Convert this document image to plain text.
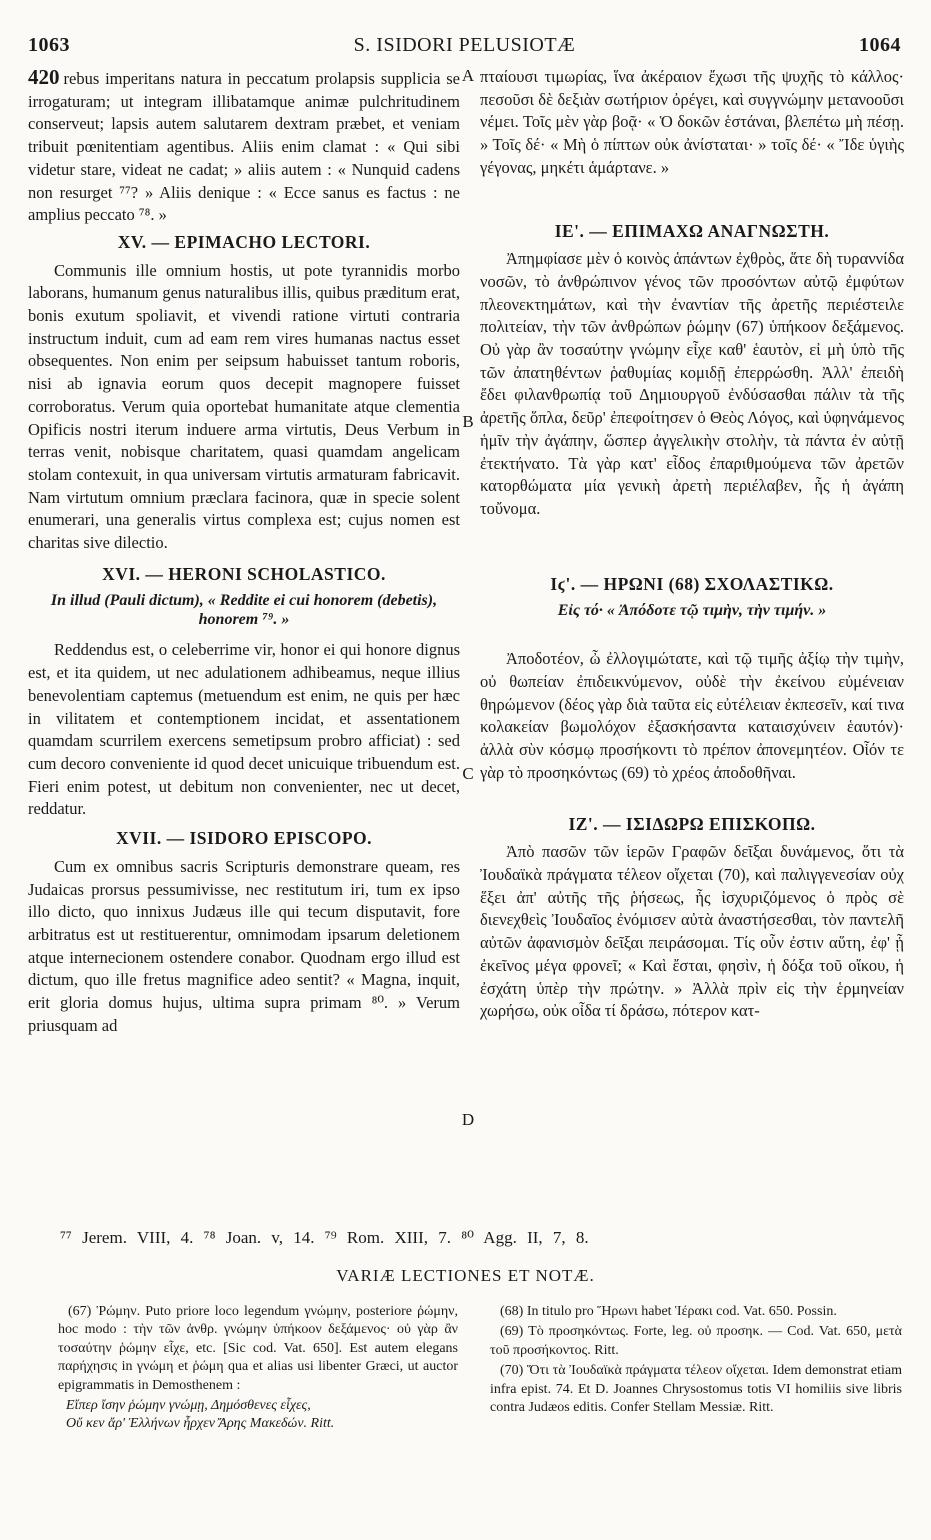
1063	S. ISIDORI PELUSIOTÆ	1064

420 rebus imperitans natura in peccatum prolapsis supplicia se irrogaturam; ut integram illibatamque animæ pulchritudinem conserveut; lapsis autem salutarem dextram præbet, et veniam tribuit pœnitentiam agentibus. Aliis enim clamat : « Qui sibi videtur stare, videat ne cadat; » aliis autem : « Nunquid cadens non resurget ⁷⁷? » Aliis denique : « Ecce sanus es factus : ne amplius peccato ⁷⁸. »

XV. — EPIMACHO LECTORI.

Communis ille omnium hostis, ut pote tyrannidis morbo laborans, humanum genus naturalibus illis, quibus præditum erat, bonis exutum spoliavit, et vivendi ratione virtuti contraria instructum induit, cum ad eam rem vires humanas nactus esset obsequentes. Non enim per seipsum habuisset tantum roboris, nisi ab ignavia eorum quos decepit magnopere fuisset corroboratus. Verum quia oportebat humanitate atque clementia Opificis nostri iterum induere arma virtutis, Deus Verbum in terras venit, nobisque charitatem, quasi quamdam angelicam stolam contexuit, in qua universam virtutis armaturam fabricavit. Nam virtutum omnium præclara facinora, quæ in specie solent enumerari, una generalis virtus complexa est; cujus nomen est charitas sive dilectio.

XVI. — HERONI SCHOLASTICO.
In illud (Pauli dictum), « Reddite ei cui honorem (debetis), honorem ⁷⁹. »

Reddendus est, o celeberrime vir, honor ei qui honore dignus est, et ita quidem, ut nec adulationem adhibeamus, neque illius benevolentiam captemus (metuendum est enim, ne quis per hæc in vilitatem et contemptionem incidat, et assentationem quamdam scurrilem exercens semetipsum probro afficiat) : sed cum decoro conveniente id quod decet unicuique tribuendum est. Fieri enim potest, ut debitum non convenienter, nec ut decet, reddatur.

XVII. — ISIDORO EPISCOPO.

Cum ex omnibus sacris Scripturis demonstrare queam, res Judaicas prorsus pessumivisse, nec restitutum iri, tum ex ipso illo dicto, quo innixus Judæus ille qui tecum disputavit, fore arbitratus est ut restituerentur, omnimodam ipsarum deletionem atque internecionem ostendere conabor. Quodnam ergo illud est dictum, quo ille fretus magnifice adeo sentit? « Magna, inquit, erit gloria domus hujus, ultima supra primam ⁸⁰. » Verum priusquam ad

A
B
C
D

πταίουσι τιμωρίας, ἵνα ἀκέραιον ἔχωσι τῆς ψυχῆς τὸ κάλλος· πεσοῦσι δὲ δεξιὰν σωτήριον ὀρέγει, καὶ συγγνώμην μετανοοῦσι νέμει. Τοῖς μὲν γὰρ βοᾷ· « Ὁ δοκῶν ἑστάναι, βλεπέτω μὴ πέσῃ. » Τοῖς δέ· « Μὴ ὁ πίπτων οὐκ ἀνίσταται· » τοῖς δέ· « Ἴδε ὑγιὴς γέγονας, μηκέτι ἁμάρτανε. »

ΙΕ'. — ΕΠΙΜΑΧΩ ΑΝΑΓΝΩΣΤΗ.

Ἀπημφίασε μὲν ὁ κοινὸς ἁπάντων ἐχθρὸς, ἅτε δὴ τυραννίδα νοσῶν, τὸ ἀνθρώπινον γένος τῶν προσόντων αὐτῷ ἐμφύτων πλεονεκτημάτων, καὶ τὴν ἐναντίαν τῆς ἀρετῆς περιέστειλε πολιτείαν, τὴν τῶν ἀνθρώπων ῥώμην (67) ὑπήκοον δεξάμενος. Οὐ γὰρ ἂν τοσαύτην γνώμην εἶχε καθ' ἑαυτὸν, εἰ μὴ ὑπὸ τῆς τῶν ἀπατηθέντων ῥαθυμίας κομιδῇ ἐπερρώσθη. Ἀλλ' ἐπειδὴ ἔδει φιλανθρωπίᾳ τοῦ Δημιουργοῦ ἐνδύσασθαι πάλιν τὰ τῆς ἀρετῆς ὅπλα, δεῦρ' ἐπεφοίτησεν ὁ Θεὸς Λόγος, καὶ ὑφηνάμενος ἡμῖν τὴν ἀγάπην, ὥσπερ ἀγγελικὴν στολὴν, τὰ πάντα ἐν αὐτῇ ἐτεκτήνατο. Τὰ γὰρ κατ' εἶδος ἐπαριθμούμενα τῶν ἀρετῶν κατορθώματα μία γενικὴ ἀρετὴ περιέλαβεν, ἧς ἡ ἀγάπη τοὔνομα.

Ιϛ'. — ΗΡΩΝΙ (68) ΣΧΟΛΑΣΤΙΚΩ.
Εἰς τό· « Ἀπόδοτε τῷ τιμὴν, τὴν τιμήν. »

Ἀποδοτέον, ὦ ἐλλογιμώτατε, καὶ τῷ τιμῆς ἀξίῳ τὴν τιμὴν, οὐ θωπείαν ἐπιδεικνύμενον, οὐδὲ τὴν ἐκείνου εὐμένειαν θηρώμενον (δέος γὰρ διὰ ταῦτα εἰς εὐτέλειαν ἐκπεσεῖν, καί τινα κολακείαν βωμολόχον ἐξασκήσαντα καταισχύνειν ἑαυτόν)· ἀλλὰ σὺν κόσμῳ προσήκοντι τὸ πρέπον ἀπονεμητέον. Οἷόν τε γὰρ τὸ προσηκόντως (69) τὸ χρέος ἀποδοθῆναι.

ΙΖ'. — ΙΣΙΔΩΡΩ ΕΠΙΣΚΟΠΩ.

Ἀπὸ πασῶν τῶν ἱερῶν Γραφῶν δεῖξαι δυνάμενος, ὅτι τὰ Ἰουδαϊκὰ πράγματα τέλεον οἴχεται (70), καὶ παλιγγενεσίαν οὐχ ἕξει ἀπ' αὐτῆς τῆς ῥήσεως, ἧς ἰσχυριζόμενος ὁ πρὸς σὲ διενεχθεὶς Ἰουδαῖος ἐνόμισεν αὐτὰ ἀναστήσεσθαι, τὸν παντελῆ αὐτῶν ἀφανισμὸν δεῖξαι πειράσομαι. Τίς οὖν ἐστιν αὕτη, ἐφ' ᾗ ἐκεῖνος μέγα φρονεῖ; « Καὶ ἔσται, φησὶν, ἡ δόξα τοῦ οἴκου, ἡ ἐσχάτη ὑπὲρ τὴν πρώτην. » Ἀλλὰ πρὶν εἰς τὴν ἑρμηνείαν χωρήσω, οὐκ οἶδα τί δράσω, πότερον κατ-

⁷⁷ Jerem. VIII, 4. ⁷⁸ Joan. v, 14. ⁷⁹ Rom. XIII, 7. ⁸⁰ Agg. II, 7, 8.
VARIÆ LECTIONES ET NOTÆ.

(67) Ῥώμην. Puto priore loco legendum γνώμην, posteriore ῥώμην, hoc modo : τὴν τῶν ἀνθρ. γνώμην ὑπήκοον δεξάμενος· οὐ γὰρ ἂν τοσαύτην ῥώμην εἶχε, etc. [Sic cod. Vat. 650]. Est autem elegans παρήχησις in γνώμη et ῥώμη qua et alias usi libenter Græci, ut auctor epigrammatis in Demosthenem :

Εἴπερ ἴσην ῥώμην γνώμῃ, Δημόσθενες εἶχες,

Οὔ κεν ἄρ' Ἑλλήνων ἦρχεν Ἄρης Μακεδών. Ritt.

(68) In titulo pro Ἥρωνι habet Ἱέρακι cod. Vat. 650. Possin.

(69) Τὸ προσηκόντως. Forte, leg. οὐ προσηκ. — Cod. Vat. 650, μετὰ τοῦ προσήκοντος. Ritt.

(70) Ὅτι τὰ Ἰουδαϊκὰ πράγματα τέλεον οἴχεται. Idem demonstrat etiam infra epist. 74. Et D. Joannes Chrysostomus totis VI homiliis sive libris contra Judæos editis. Confer Stellam Messiæ. Ritt.
